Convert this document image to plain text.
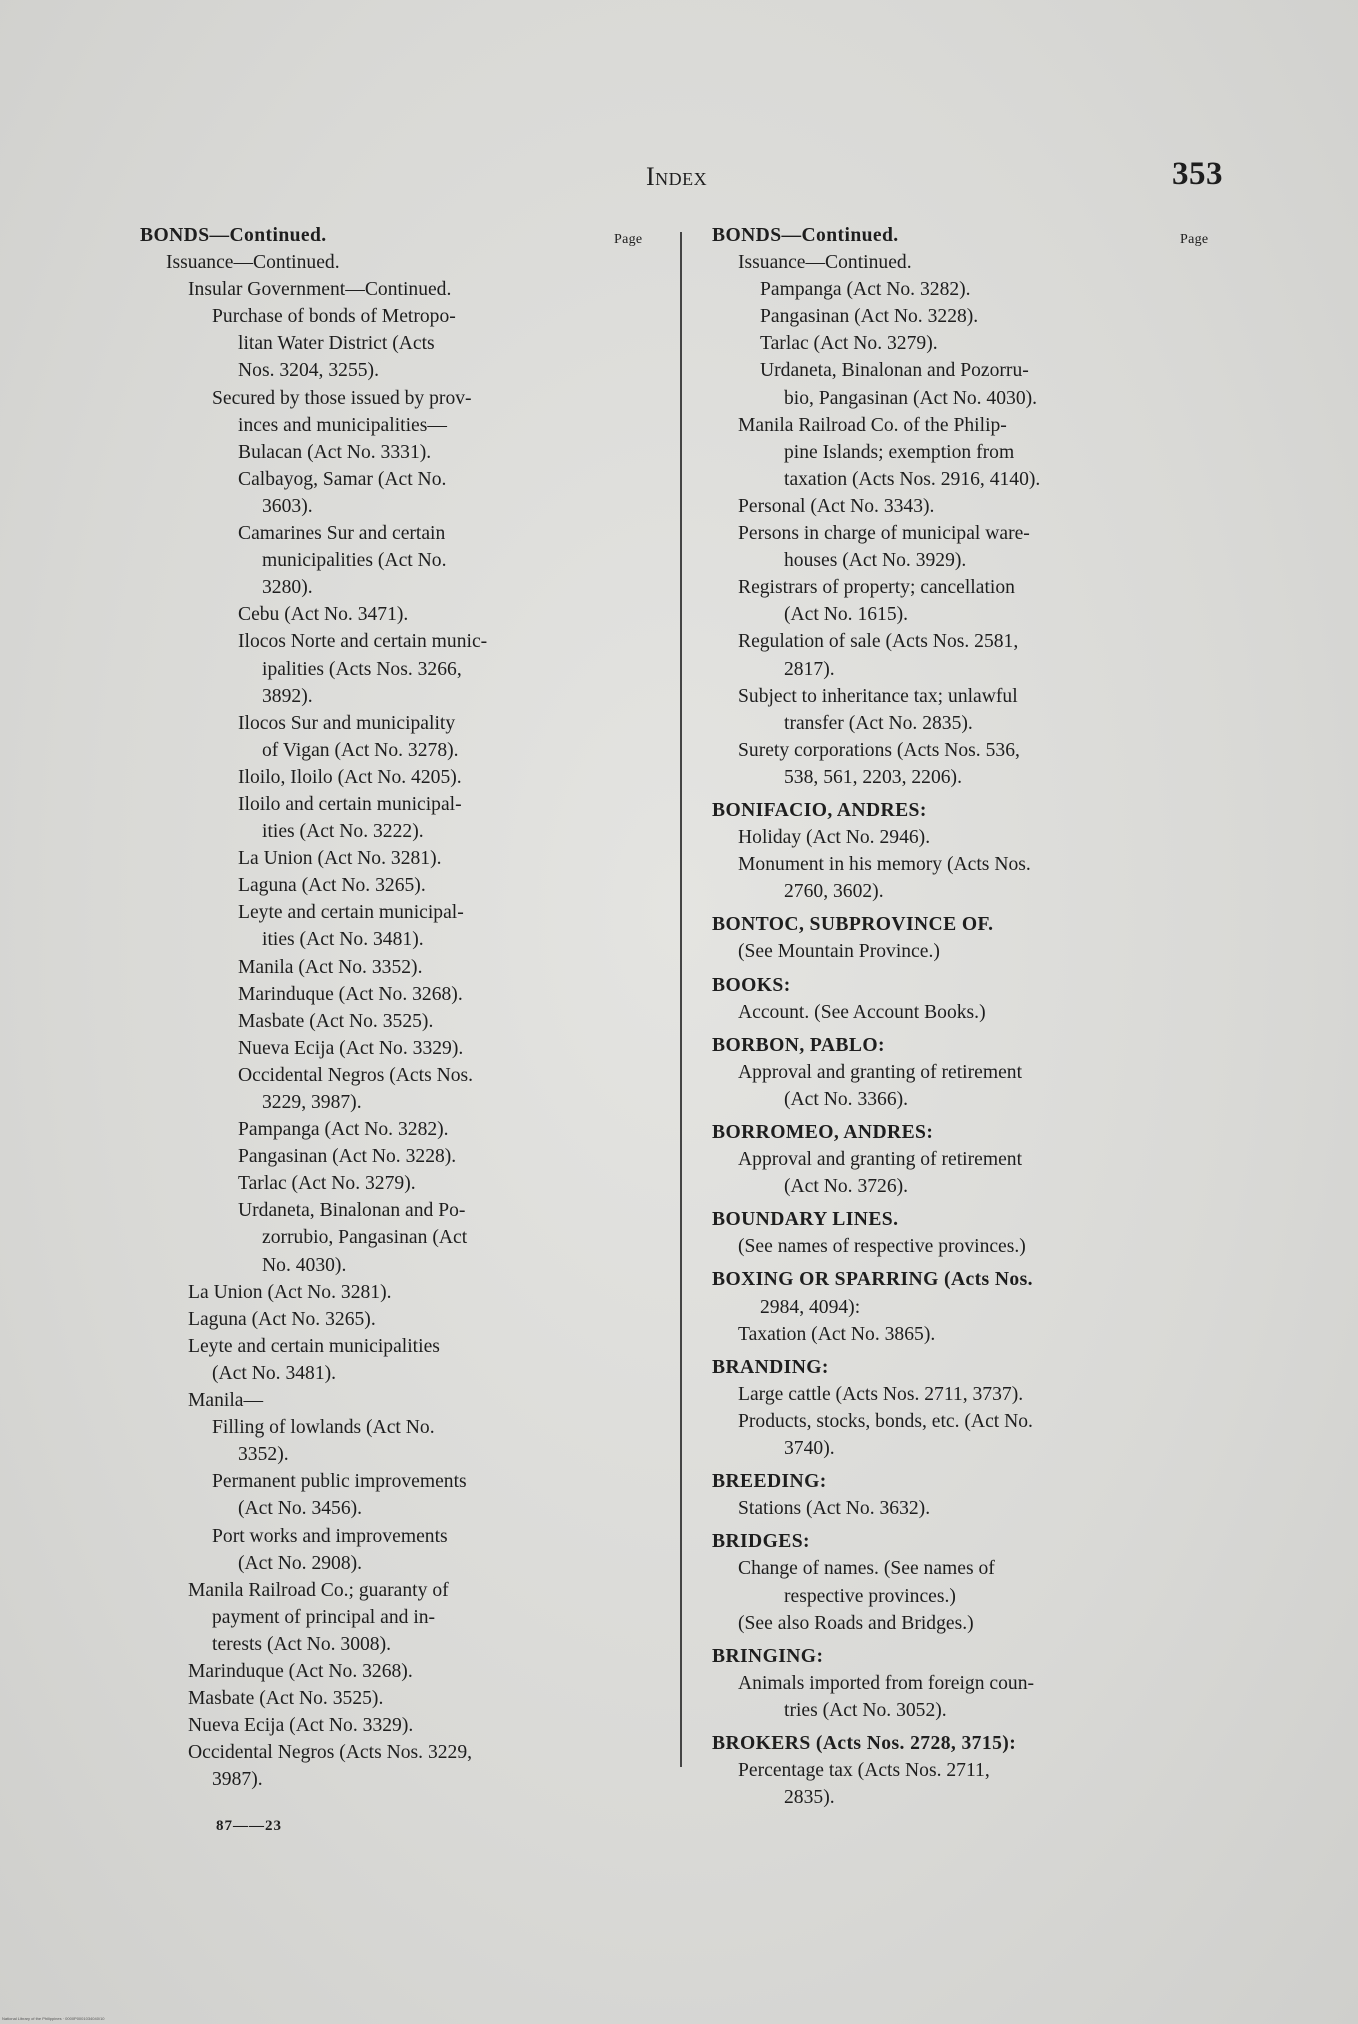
Index	353
Page	Page
BONDS—Continued.
Issuance—Continued.
Insular Government—Continued.
Purchase of bonds of Metropo-
litan Water District (Acts
Nos. 3204, 3255).
Secured by those issued by prov-
inces and municipalities—
Bulacan (Act No. 3331).
Calbayog, Samar (Act No.
3603).
Camarines Sur and certain
municipalities (Act No.
3280).
Cebu (Act No. 3471).
Ilocos Norte and certain munic-
ipalities (Acts Nos. 3266,
3892).
Ilocos Sur and municipality
of Vigan (Act No. 3278).
Iloilo, Iloilo (Act No. 4205).
Iloilo and certain municipal-
ities (Act No. 3222).
La Union (Act No. 3281).
Laguna (Act No. 3265).
Leyte and certain municipal-
ities (Act No. 3481).
Manila (Act No. 3352).
Marinduque (Act No. 3268).
Masbate (Act No. 3525).
Nueva Ecija (Act No. 3329).
Occidental Negros (Acts Nos.
3229, 3987).
Pampanga (Act No. 3282).
Pangasinan (Act No. 3228).
Tarlac (Act No. 3279).
Urdaneta, Binalonan and Po-
zorrubio, Pangasinan (Act
No. 4030).
La Union (Act No. 3281).
Laguna (Act No. 3265).
Leyte and certain municipalities
(Act No. 3481).
Manila—
Filling of lowlands (Act No.
3352).
Permanent public improvements
(Act No. 3456).
Port works and improvements
(Act No. 2908).
Manila Railroad Co.; guaranty of
payment of principal and in-
terests (Act No. 3008).
Marinduque (Act No. 3268).
Masbate (Act No. 3525).
Nueva Ecija (Act No. 3329).
Occidental Negros (Acts Nos. 3229,
3987).
BONDS—Continued.
Issuance—Continued.
Pampanga (Act No. 3282).
Pangasinan (Act No. 3228).
Tarlac (Act No. 3279).
Urdaneta, Binalonan and Pozorru-
bio, Pangasinan (Act No. 4030).
Manila Railroad Co. of the Philip-
pine Islands; exemption from
taxation (Acts Nos. 2916, 4140).
Personal (Act No. 3343).
Persons in charge of municipal ware-
houses (Act No. 3929).
Registrars of property; cancellation
(Act No. 1615).
Regulation of sale (Acts Nos. 2581,
2817).
Subject to inheritance tax; unlawful
transfer (Act No. 2835).
Surety corporations (Acts Nos. 536,
538, 561, 2203, 2206).
BONIFACIO, ANDRES:
Holiday (Act No. 2946).
Monument in his memory (Acts Nos.
2760, 3602).
BONTOC, SUBPROVINCE OF.
(See Mountain Province.)
BOOKS:
Account. (See Account Books.)
BORBON, PABLO:
Approval and granting of retirement
(Act No. 3366).
BORROMEO, ANDRES:
Approval and granting of retirement
(Act No. 3726).
BOUNDARY LINES.
(See names of respective provinces.)
BOXING OR SPARRING (Acts Nos.
2984, 4094):
Taxation (Act No. 3865).
BRANDING:
Large cattle (Acts Nos. 2711, 3737).
Products, stocks, bonds, etc. (Act No.
3740).
BREEDING:
Stations (Act No. 3632).
BRIDGES:
Change of names. (See names of
respective provinces.)
(See also Roads and Bridges.)
BRINGING:
Animals imported from foreign coun-
tries (Act No. 3052).
BROKERS (Acts Nos. 2728, 3715):
Percentage tax (Acts Nos. 2711,
2835).
87——23
National Library of the Philippines · 0000P0001034040/10
